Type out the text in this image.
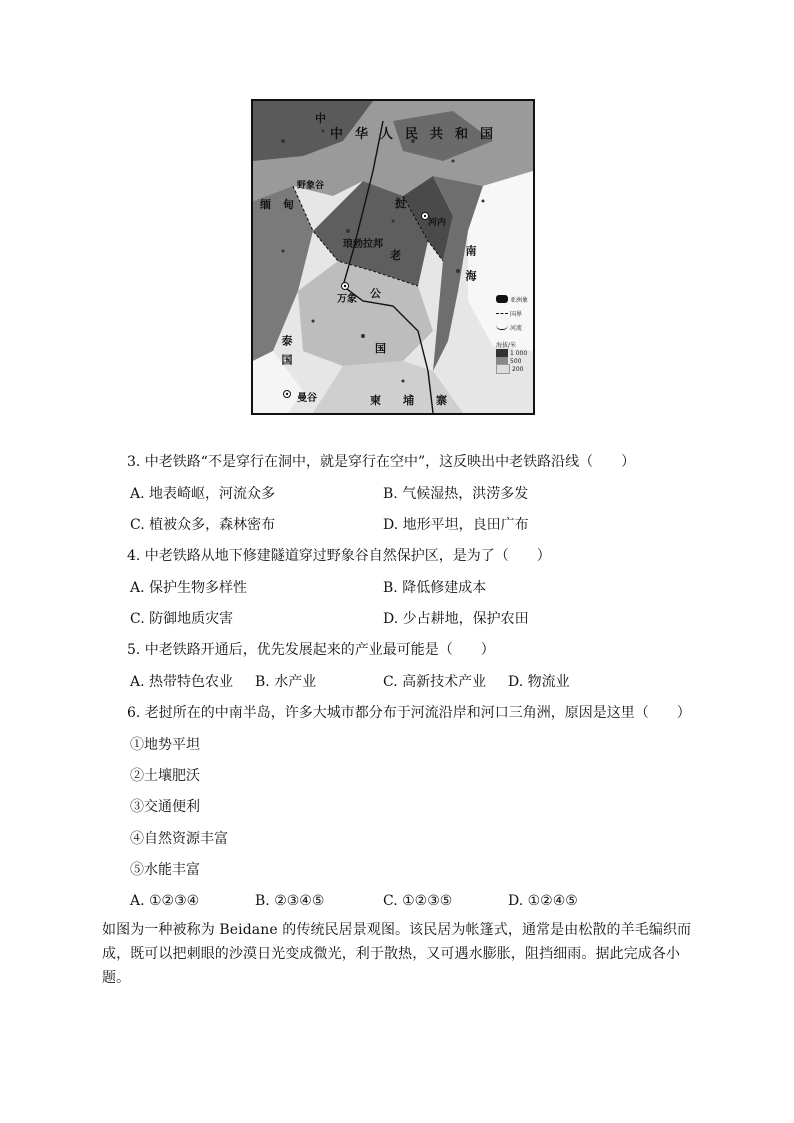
中
中华人民共和国
野象谷
缅甸	挝
河内
琅勃拉邦
老
万象 公
国
泰国
曼谷	柬埔寨
南海
亚洲象
国界
河流
海拔/米
1 000
500
200
3. 中老铁路“不是穿行在洞中，就是穿行在空中”，这反映出中老铁路沿线（　　）
A. 地表崎岖，河流众多	B. 气候湿热，洪涝多发
C. 植被众多，森林密布	D. 地形平坦，良田广布
4. 中老铁路从地下修建隧道穿过野象谷自然保护区，是为了（　　）
A. 保护生物多样性	B. 降低修建成本
C. 防御地质灾害	D. 少占耕地，保护农田
5. 中老铁路开通后，优先发展起来的产业最可能是（　　）
A. 热带特色农业 B. 水产业	C. 高新技术产业 D. 物流业
6. 老挝所在的中南半岛，许多大城市都分布于河流沿岸和河口三角洲，原因是这里（　　）
①地势平坦
②土壤肥沃
③交通便利
④自然资源丰富
⑤水能丰富
A. ①②③④	B. ②③④⑤	C. ①②③⑤	D. ①②④⑤
如图为一种被称为 Beidane 的传统民居景观图。该民居为帐篷式，通常是由松散的羊毛编织而成，既可以把刺眼的沙漠日光变成微光，利于散热，又可遇水膨胀，阻挡细雨。据此完成各小题。
